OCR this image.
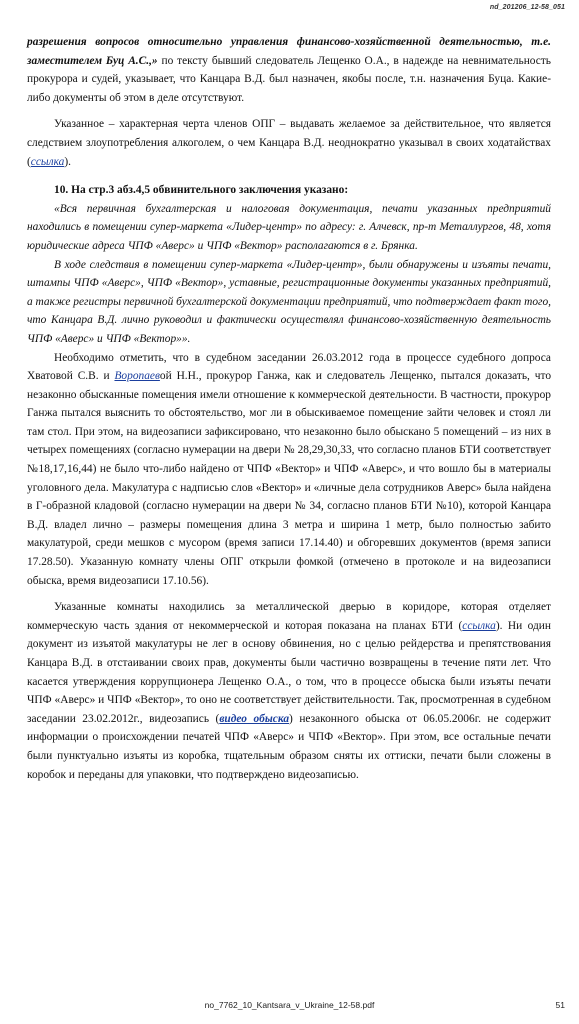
nd_201206_12-58_051

разрешения вопросов относительно управления финансово-хозяйственной деятельностью, т.е. заместителем Буц А.С.,» по тексту бывший следователь Лещенко О.А., в надежде на невнимательность прокурора и судей, указывает, что Канцара В.Д. был назначен, якобы после, т.н. назначения Буца. Какие-либо документы об этом в деле отсутствуют.

Указанное – характерная черта членов ОПГ – выдавать желаемое за действительное, что является следствием злоупотребления алкоголем, о чем Канцара В.Д. неоднократно указывал в своих ходатайствах (ссылка).

10. На стр.3 абз.4,5 обвинительного заключения указано:

«Вся первичная бухгалтерская и налоговая документация, печати указанных предприятий находились в помещении супер-маркета «Лидер-центр» по адресу: г. Алчевск, пр-т Металлургов, 48, хотя юридические адреса ЧПФ «Аверс» и ЧПФ «Вектор» располагаются в г. Брянка.

В ходе следствия в помещении супер-маркета «Лидер-центр», были обнаружены и изъяты печати, штампы ЧПФ «Аверс», ЧПФ «Вектор», уставные, регистрационные документы указанных предприятий, а также регистры первичной бухгалтерской документации предприятий, что подтверждает факт того, что Канцара В.Д. лично руководил и фактически осуществлял финансово-хозяйственную деятельность ЧПФ «Аверс» и ЧПФ «Вектор»».

Необходимо отметить, что в судебном заседании 26.03.2012 года в процессе судебного допроса Хватовой С.В. и Воропаевой Н.Н., прокурор Ганжа, как и следователь Лещенко, пытался доказать, что незаконно обысканные помещения имели отношение к коммерческой деятельности. В частности, прокурор Ганжа пытался выяснить то обстоятельство, мог ли в обыскиваемое помещение зайти человек и стоял ли там стол. При этом, на видеозаписи зафиксировано, что незаконно было обыскано 5 помещений – из них в четырех помещениях (согласно нумерации на двери № 28,29,30,33, что согласно планов БТИ соответствует №18,17,16,44) не было что-либо найдено от ЧПФ «Вектор» и ЧПФ «Аверс», и что вошло бы в материалы уголовного дела. Макулатура с надписью слов «Вектор» и «личные дела сотрудников Аверс» была найдена в Г-образной кладовой (согласно нумерации на двери № 34, согласно планов БТИ №10), которой Канцара В.Д. владел лично – размеры помещения длина 3 метра и ширина 1 метр, было полностью забито макулатурой, среди мешков с мусором (время записи 17.14.40) и обгоревших документов (время записи 17.28.50). Указанную комнату члены ОПГ открыли фомкой (отмечено в протоколе и на видеозаписи обыска, время видеозаписи 17.10.56).

Указанные комнаты находились за металлической дверью в коридоре, которая отделяет коммерческую часть здания от некоммерческой и которая показана на планах БТИ (ссылка). Ни один документ из изъятой макулатуры не лег в основу обвинения, но с целью рейдерства и препятствования Канцара В.Д. в отстаивании своих прав, документы были частично возвращены в течение пяти лет. Что касается утверждения коррупционера Лещенко О.А., о том, что в процессе обыска были изъяты печати ЧПФ «Аверс» и ЧПФ «Вектор», то оно не соответствует действительности. Так, просмотренная в судебном заседании 23.02.2012г., видеозапись (видео обыска) незаконного обыска от 06.05.2006г. не содержит информации о происхождении печатей ЧПФ «Аверс» и ЧПФ «Вектор». При этом, все остальные печати были пунктуально изъяты из коробка, тщательным образом сняты их оттиски, печати были сложены в коробок и переданы для упаковки, что подтверждено видеозаписью.

no_7762_10_Kantsara_v_Ukraine_12-58.pdf	51
